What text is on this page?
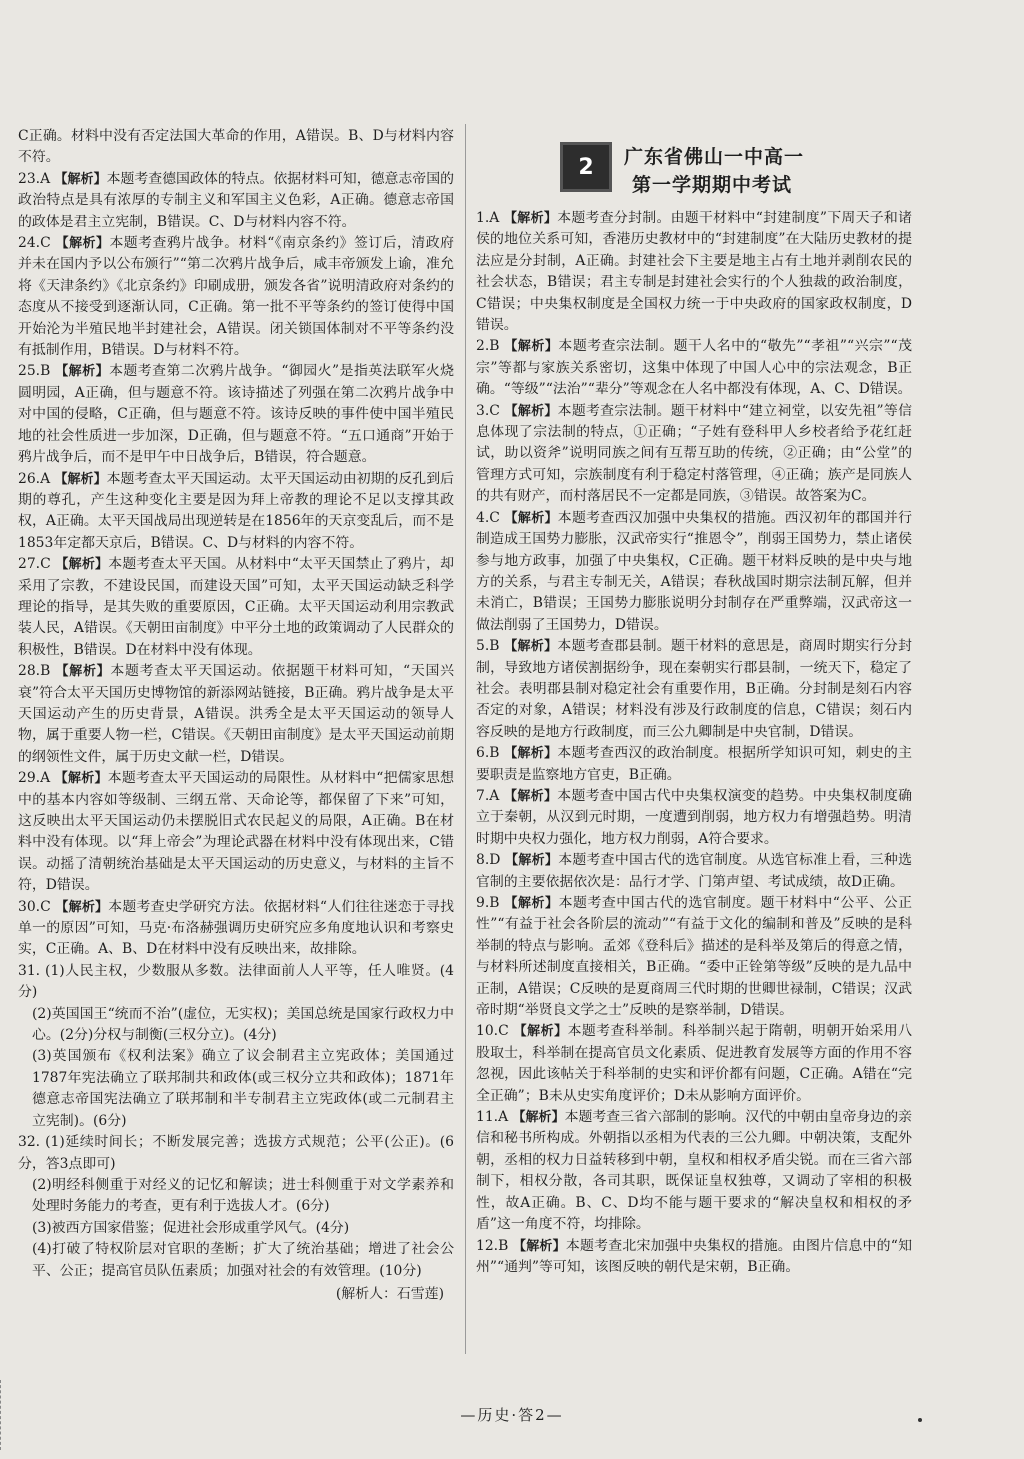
C正确。材料中没有否定法国大革命的作用，A错误。B、D与材料内容不符。
23.A 【解析】本题考查德国政体的特点。依据材料可知，德意志帝国的政治特点是具有浓厚的专制主义和军国主义色彩，A正确。德意志帝国的政体是君主立宪制，B错误。C、D与材料内容不符。
24.C 【解析】本题考查鸦片战争。材料“《南京条约》签订后，清政府并未在国内予以公布颁行”“第二次鸦片战争后，咸丰帝颁发上谕，准允将《天津条约》《北京条约》印刷成册，颁发各省”说明清政府对条约的态度从不接受到逐渐认同，C正确。第一批不平等条约的签订使得中国开始沦为半殖民地半封建社会，A错误。闭关锁国体制对不平等条约没有抵制作用，B错误。D与材料不符。
25.B 【解析】本题考查第二次鸦片战争。“御园火”是指英法联军火烧圆明园，A正确，但与题意不符。该诗描述了列强在第二次鸦片战争中对中国的侵略，C正确，但与题意不符。该诗反映的事件使中国半殖民地的社会性质进一步加深，D正确，但与题意不符。“五口通商”开始于鸦片战争后，而不是甲午中日战争后，B错误，符合题意。
26.A 【解析】本题考查太平天国运动。太平天国运动由初期的反孔到后期的尊孔，产生这种变化主要是因为拜上帝教的理论不足以支撑其政权，A正确。太平天国战局出现逆转是在1856年的天京变乱后，而不是1853年定都天京后，B错误。C、D与材料的内容不符。
27.C 【解析】本题考查太平天国。从材料中“太平天国禁止了鸦片，却采用了宗教，不建设民国，而建设天国”可知，太平天国运动缺乏科学理论的指导，是其失败的重要原因，C正确。太平天国运动利用宗教武装人民，A错误。《天朝田亩制度》中平分土地的政策调动了人民群众的积极性，B错误。D在材料中没有体现。
28.B 【解析】本题考查太平天国运动。依据题干材料可知，“天国兴衰”符合太平天国历史博物馆的新添网站链接，B正确。鸦片战争是太平天国运动产生的历史背景，A错误。洪秀全是太平天国运动的领导人物，属于重要人物一栏，C错误。《天朝田亩制度》是太平天国运动前期的纲领性文件，属于历史文献一栏，D错误。
29.A 【解析】本题考查太平天国运动的局限性。从材料中“把儒家思想中的基本内容如等级制、三纲五常、天命论等，都保留了下来”可知，这反映出太平天国运动仍未摆脱旧式农民起义的局限，A正确。B在材料中没有体现。以“拜上帝会”为理论武器在材料中没有体现出来，C错误。动摇了清朝统治基础是太平天国运动的历史意义，与材料的主旨不符，D错误。
30.C 【解析】本题考查史学研究方法。依据材料“人们往往迷恋于寻找单一的原因”可知，马克·布洛赫强调历史研究应多角度地认识和考察史实，C正确。A、B、D在材料中没有反映出来，故排除。
31. (1)人民主权，少数服从多数。法律面前人人平等，任人唯贤。(4分)
(2)英国国王“统而不治”(虚位，无实权)；美国总统是国家行政权力中心。(2分)分权与制衡(三权分立)。(4分)
(3)英国颁布《权利法案》确立了议会制君主立宪政体；美国通过1787年宪法确立了联邦制共和政体(或三权分立共和政体)；1871年德意志帝国宪法确立了联邦制和半专制君主立宪政体(或二元制君主立宪制)。(6分)
32. (1)延续时间长；不断发展完善；选拔方式规范；公平(公正)。(6分，答3点即可)
(2)明经科侧重于对经义的记忆和解读；进士科侧重于对文学素养和处理时务能力的考查，更有利于选拔人才。(6分)
(3)被西方国家借鉴；促进社会形成重学风气。(4分)
(4)打破了特权阶层对官职的垄断；扩大了统治基础；增进了社会公平、公正；提高官员队伍素质；加强对社会的有效管理。(10分)
(解析人：石雪莲)
2	广东省佛山一中高一
第一学期期中考试
1.A 【解析】本题考查分封制。由题干材料中“封建制度”下周天子和诸侯的地位关系可知，香港历史教材中的“封建制度”在大陆历史教材的提法应是分封制，A正确。封建社会下主要是地主占有土地并剥削农民的社会状态，B错误；君主专制是封建社会实行的个人独裁的政治制度，C错误；中央集权制度是全国权力统一于中央政府的国家政权制度，D错误。
2.B 【解析】本题考查宗法制。题干人名中的“敬先”“孝祖”“兴宗”“茂宗”等都与家族关系密切，这集中体现了中国人心中的宗法观念，B正确。“等级”“法治”“辈分”等观念在人名中都没有体现，A、C、D错误。
3.C 【解析】本题考查宗法制。题干材料中“建立祠堂，以安先祖”等信息体现了宗法制的特点，①正确；“子姓有登科甲人乡校者给予花红赶试，助以资斧”说明同族之间有互帮互助的传统，②正确；由“公堂”的管理方式可知，宗族制度有利于稳定村落管理，④正确；族产是同族人的共有财产，而村落居民不一定都是同族，③错误。故答案为C。
4.C 【解析】本题考查西汉加强中央集权的措施。西汉初年的郡国并行制造成王国势力膨胀，汉武帝实行“推恩令”，削弱王国势力，禁止诸侯参与地方政事，加强了中央集权，C正确。题干材料反映的是中央与地方的关系，与君主专制无关，A错误；春秋战国时期宗法制瓦解，但并未消亡，B错误；王国势力膨胀说明分封制存在严重弊端，汉武帝这一做法削弱了王国势力，D错误。
5.B 【解析】本题考查郡县制。题干材料的意思是，商周时期实行分封制，导致地方诸侯割据纷争，现在秦朝实行郡县制，一统天下，稳定了社会。表明郡县制对稳定社会有重要作用，B正确。分封制是刻石内容否定的对象，A错误；材料没有涉及行政制度的信息，C错误；刻石内容反映的是地方行政制度，而三公九卿制是中央官制，D错误。
6.B 【解析】本题考查西汉的政治制度。根据所学知识可知，刺史的主要职责是监察地方官吏，B正确。
7.A 【解析】本题考查中国古代中央集权演变的趋势。中央集权制度确立于秦朝，从汉到元时期，一度遭到削弱，地方权力有增强趋势。明清时期中央权力强化，地方权力削弱，A符合要求。
8.D 【解析】本题考查中国古代的选官制度。从选官标准上看，三种选官制的主要依据依次是：品行才学、门第声望、考试成绩，故D正确。
9.B 【解析】本题考查中国古代的选官制度。题干材料中“公平、公正性”“有益于社会各阶层的流动”“有益于文化的编制和普及”反映的是科举制的特点与影响。孟郊《登科后》描述的是科举及第后的得意之情，与材料所述制度直接相关，B正确。“委中正铨第等级”反映的是九品中正制，A错误；C反映的是夏商周三代时期的世卿世禄制，C错误；汉武帝时期“举贤良文学之士”反映的是察举制，D错误。
10.C 【解析】本题考查科举制。科举制兴起于隋朝，明朝开始采用八股取士，科举制在提高官员文化素质、促进教育发展等方面的作用不容忽视，因此该帖关于科举制的史实和评价都有问题，C正确。A错在“完全正确”；B未从史实角度评价；D未从影响方面评价。
11.A 【解析】本题考查三省六部制的影响。汉代的中朝由皇帝身边的亲信和秘书所构成。外朝指以丞相为代表的三公九卿。中朝决策，支配外朝，丞相的权力日益转移到中朝，皇权和相权矛盾尖锐。而在三省六部制下，相权分散，各司其职，既保证皇权独尊，又调动了宰相的积极性，故A正确。B、C、D均不能与题干要求的“解决皇权和相权的矛盾”这一角度不符，均排除。
12.B 【解析】本题考查北宋加强中央集权的措施。由图片信息中的“知州”“通判”等可知，该图反映的朝代是宋朝，B正确。
—历史·答2—
